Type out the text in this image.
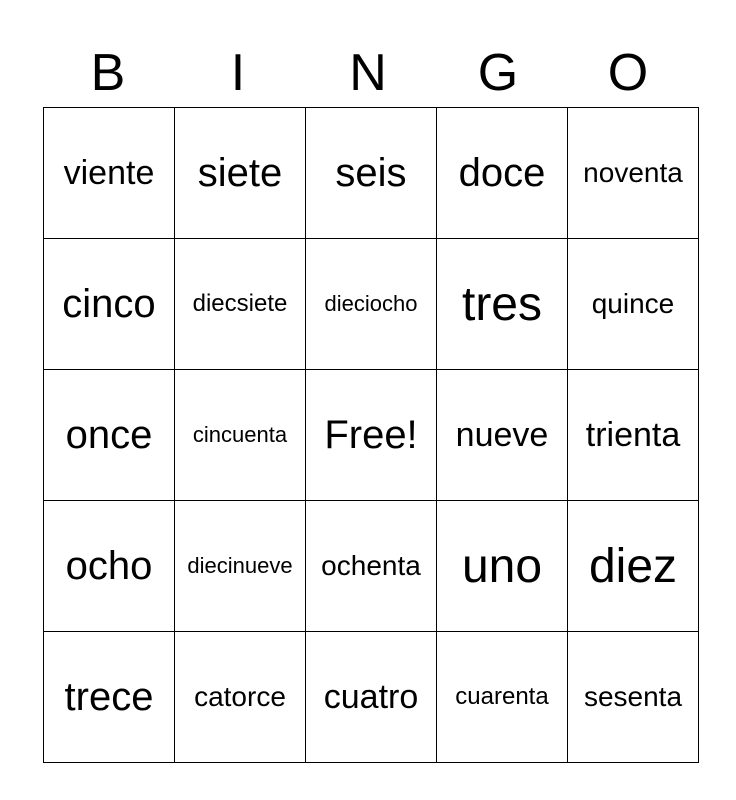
B	I	N	G	O
viente	siete	seis	doce	noventa
cinco	diecsiete	dieciocho	tres	quince
once	cincuenta	Free!	nueve	trienta
ocho	diecinueve	ochenta	uno	diez
trece	catorce	cuatro	cuarenta	sesenta
